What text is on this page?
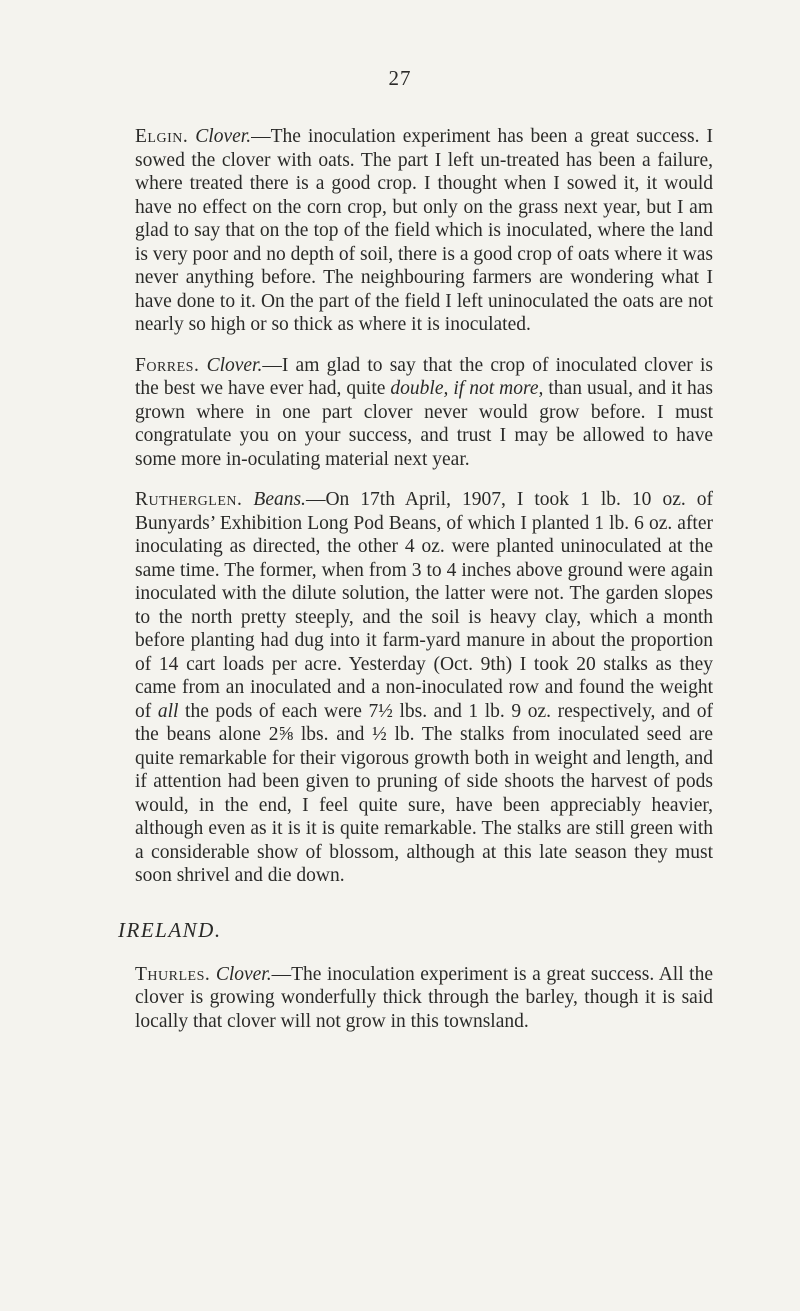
27

Elgin. Clover.—The inoculation experiment has been a great success. I sowed the clover with oats. The part I left un-treated has been a failure, where treated there is a good crop. I thought when I sowed it, it would have no effect on the corn crop, but only on the grass next year, but I am glad to say that on the top of the field which is inoculated, where the land is very poor and no depth of soil, there is a good crop of oats where it was never anything before. The neighbouring farmers are wondering what I have done to it. On the part of the field I left uninoculated the oats are not nearly so high or so thick as where it is inoculated.

Forres. Clover.—I am glad to say that the crop of inoculated clover is the best we have ever had, quite double, if not more, than usual, and it has grown where in one part clover never would grow before. I must congratulate you on your success, and trust I may be allowed to have some more in-oculating material next year.

Rutherglen. Beans.—On 17th April, 1907, I took 1 lb. 10 oz. of Bunyards’ Exhibition Long Pod Beans, of which I planted 1 lb. 6 oz. after inoculating as directed, the other 4 oz. were planted uninoculated at the same time. The former, when from 3 to 4 inches above ground were again inoculated with the dilute solution, the latter were not. The garden slopes to the north pretty steeply, and the soil is heavy clay, which a month before planting had dug into it farm-yard manure in about the proportion of 14 cart loads per acre. Yesterday (Oct. 9th) I took 20 stalks as they came from an inoculated and a non-inoculated row and found the weight of all the pods of each were 7½ lbs. and 1 lb. 9 oz. respectively, and of the beans alone 2⅝ lbs. and ½ lb. The stalks from inoculated seed are quite remarkable for their vigorous growth both in weight and length, and if attention had been given to pruning of side shoots the harvest of pods would, in the end, I feel quite sure, have been appreciably heavier, although even as it is it is quite remarkable. The stalks are still green with a considerable show of blossom, although at this late season they must soon shrivel and die down.

IRELAND.

Thurles. Clover.—The inoculation experiment is a great success. All the clover is growing wonderfully thick through the barley, though it is said locally that clover will not grow in this townsland.
